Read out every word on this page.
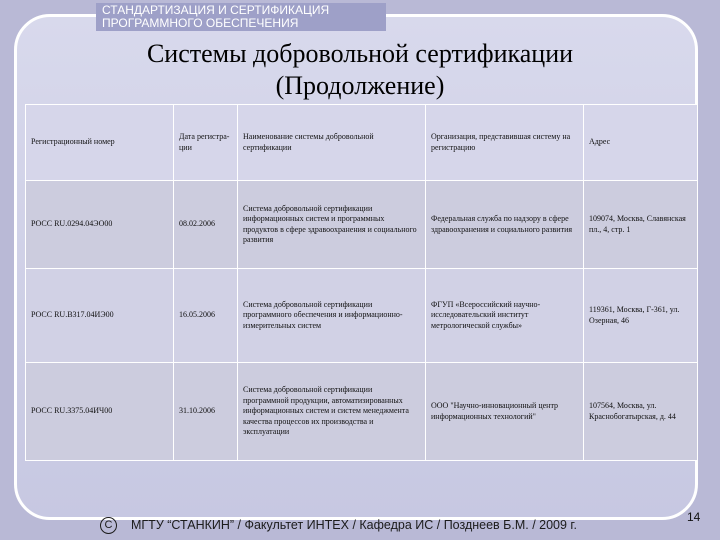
СТАНДАРТИЗАЦИЯ И СЕРТИФИКАЦИЯ
ПРОГРАММНОГО ОБЕСПЕЧЕНИЯ
Системы добровольной сертификации
(Продолжение)
Регистрационный номер	Дата регистра-ции	Наименование системы добровольной сертификации	Организация, представившая систему на регистрацию	Адрес
РОСС RU.0294.04ЭО00	08.02.2006	Система добровольной сертификации информационных систем и программных продуктов в сфере здравоохранения и социального развития	Федеральная служба по надзору в сфере здравоохранения и социального развития	109074, Москва, Славянская пл., 4, стр. 1
РОСС RU.В317.04ИЭ00	16.05.2006	Система добровольной сертификации программного обеспечения и информационно-измерительных систем	ФГУП «Всероссийский научно-исследовательский институт метрологической службы»	119361, Москва, Г-361, ул. Озерная, 46
РОСС RU.З375.04ИЧ00	31.10.2006	Система добровольной сертификации программной продукции, автоматизированных информационных систем и систем менеджмента качества процессов их производства и эксплуатации	ООО "Научно-инновационный центр информационных технологий"	107564, Москва, ул. Краснобогатырская, д. 44
С МГТУ “СТАНКИН” / Факультет ИНТЕХ / Кафедра ИС / Позднеев Б.М. / 2009 г.
14
